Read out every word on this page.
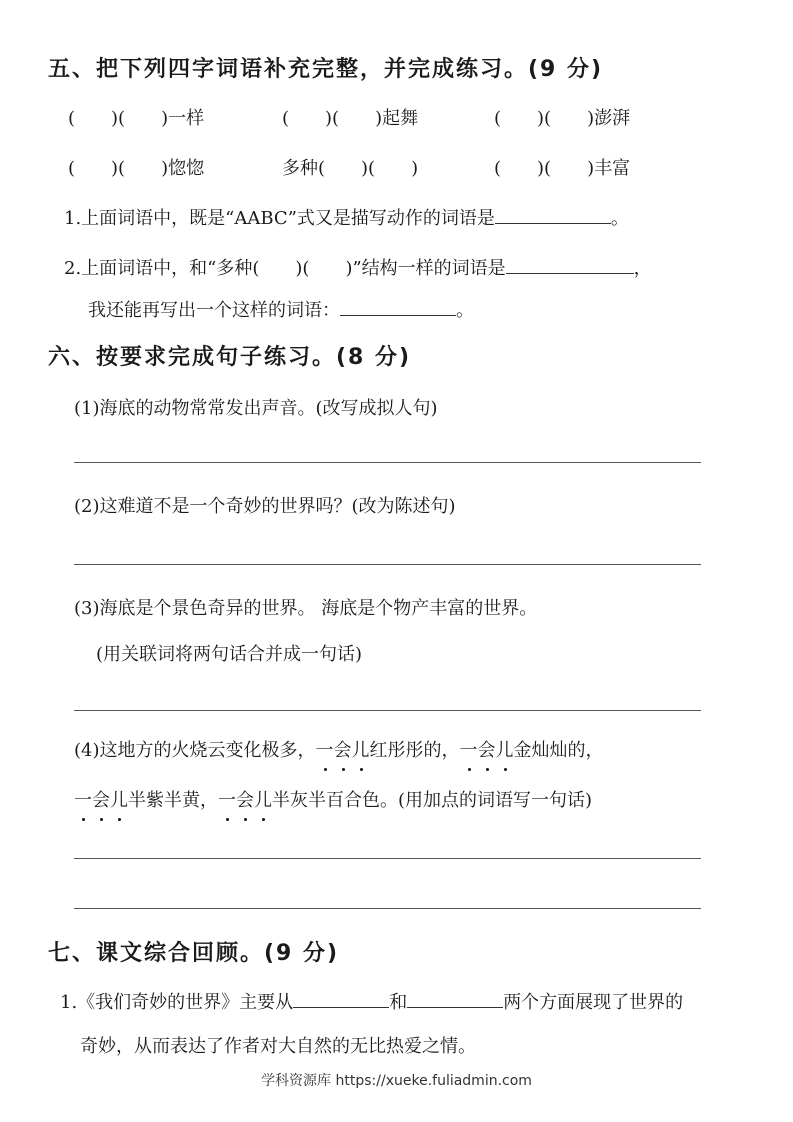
五、把下列四字词语补充完整，并完成练习。(9 分)
(　　)(　　)一样	(　　)(　　)起舞	(　　)(　　)澎湃
(　　)(　　)惚惚	多种(　　)(　　)	(　　)(　　)丰富
1.上面词语中，既是“AABC”式又是描写动作的词语是	。
2.上面词语中，和“多种(　　)(　　)”结构一样的词语是	，
我还能再写出一个这样的词语：	。
六、按要求完成句子练习。(8 分)
(1)海底的动物常常发出声音。(改写成拟人句)
(2)这难道不是一个奇妙的世界吗？(改为陈述句)
(3)海底是个景色奇异的世界。 海底是个物产丰富的世界。
(用关联词将两句话合并成一句话)
(4)这地方的火烧云变化极多，一会儿红彤彤的，一会儿金灿灿的，
一会儿半紫半黄，一会儿半灰半百合色。(用加点的词语写一句话)
七、课文综合回顾。(9 分)
1.《我们奇妙的世界》主要从	和	两个方面展现了世界的
奇妙，从而表达了作者对大自然的无比热爱之情。
学科资源库 https://xueke.fuliadmin.com
